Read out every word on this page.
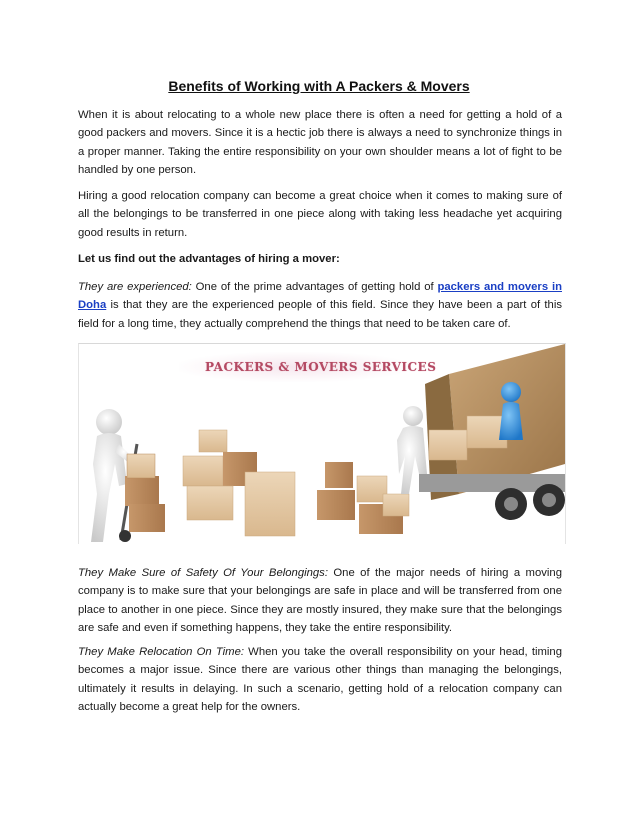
Benefits of Working with A Packers & Movers

When it is about relocating to a whole new place there is often a need for getting a hold of a good packers and movers. Since it is a hectic job there is always a need to synchronize things in a proper manner. Taking the entire responsibility on your own shoulder means a lot of fight to be handled by one person.

Hiring a good relocation company can become a great choice when it comes to making sure of all the belongings to be transferred in one piece along with taking less headache yet acquiring good results in return.

Let us find out the advantages of hiring a mover:

They are experienced: One of the prime advantages of getting hold of packers and movers in Doha is that they are the experienced people of this field. Since they have been a part of this field for a long time, they actually comprehend the things that need to be taken care of.

PACKERS & MOVERS SERVICES

They Make Sure of Safety Of Your Belongings: One of the major needs of hiring a moving company is to make sure that your belongings are safe in place and will be transferred from one place to another in one piece. Since they are mostly insured, they make sure that the belongings are safe and even if something happens, they take the entire responsibility.

They Make Relocation On Time: When you take the overall responsibility on your head, timing becomes a major issue. Since there are various other things than managing the belongings, ultimately it results in delaying. In such a scenario, getting hold of a relocation company can actually become a great help for the owners.
